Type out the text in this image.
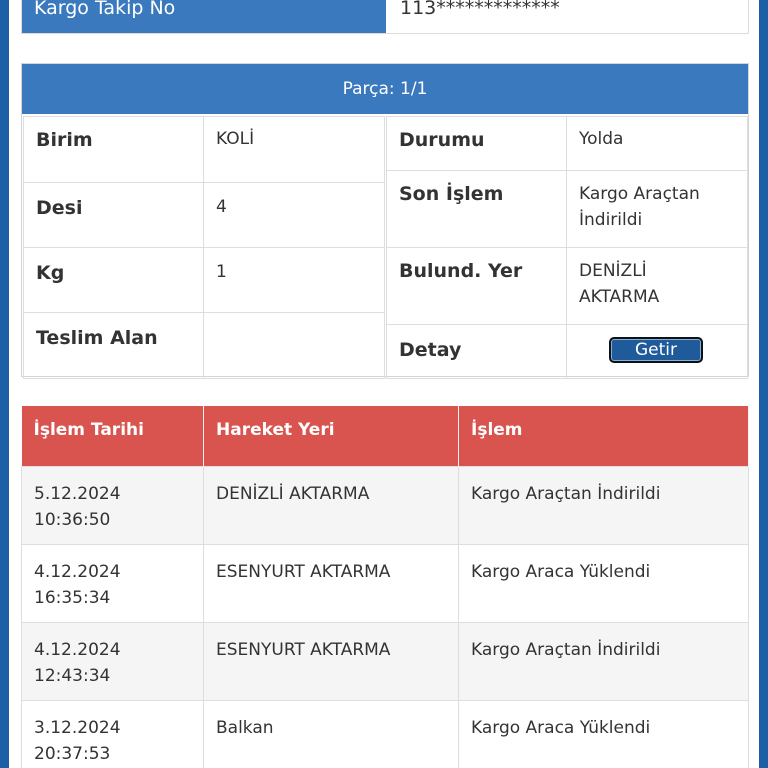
Kargo Takip No	113*************
Parça: 1/1
Birim	KOLİ
Desi	4
Kg	1
Teslim Alan	
Durumu	Yolda
Son İşlem	Kargo Araçtan
İndirildi
Bulund. Yer	DENİZLİ
AKTARMA
Detay	Getir
İşlem Tarihi	Hareket Yeri	İşlem
5.12.2024
10:36:50	DENİZLİ AKTARMA	Kargo Araçtan İndirildi
4.12.2024
16:35:34	ESENYURT AKTARMA	Kargo Araca Yüklendi
4.12.2024
12:43:34	ESENYURT AKTARMA	Kargo Araçtan İndirildi
3.12.2024
20:37:53	Balkan	Kargo Araca Yüklendi
